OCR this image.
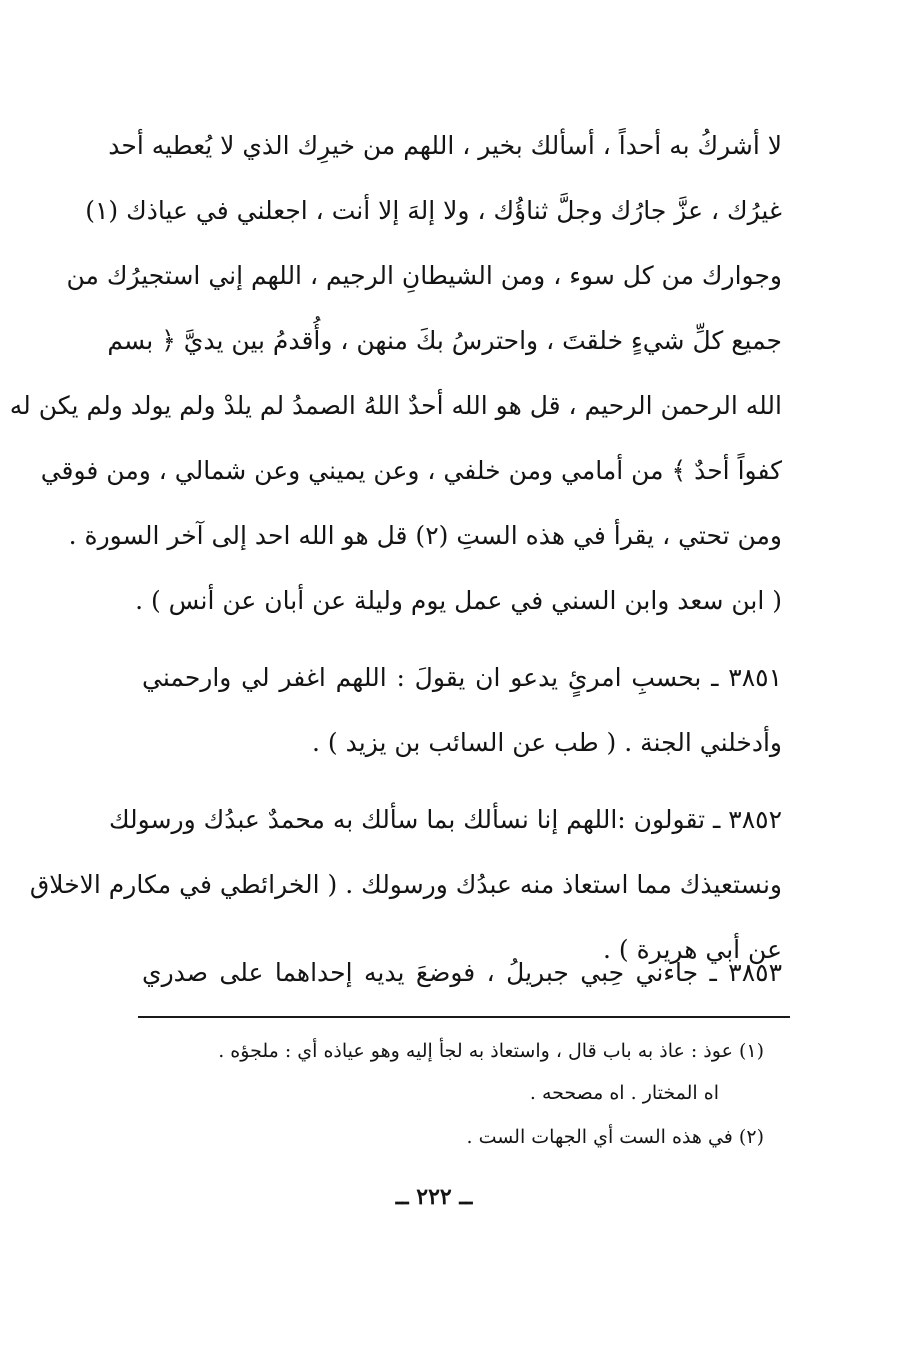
لا أشركُ به أحداً ، أسألك بخير ، اللهم من خيرِك الذي لا يُعطيه أحد
غيرُك ، عزَّ جارُك وجلَّ ثناؤُك ، ولا إلهَ إلا أنت ، اجعلني في عياذك (١)
وجوارك من كل سوء ، ومن الشيطانِ الرجيم ، اللهم إني استجيرُك من
جميع كلِّ شيءٍ خلقتَ ، واحترسُ بكَ منهن ، وأُقدمُ بين يديَّ ﴿ بسم
الله الرحمن الرحيم ، قل هو الله أحدٌ اللهُ الصمدُ لم يلدْ ولم يولد ولم يكن له
كفواً أحدٌ ﴾ من أمامي ومن خلفي ، وعن يميني وعن شمالي ، ومن فوقي
ومن تحتي ، يقرأ في هذه الستِ (٢) قل هو الله احد إلى آخر السورة .
( ابن سعد وابن السني في عمل يوم وليلة عن أبان عن أنس ) .
٣٨٥١ ـ بحسبِ امرئٍ يدعو ان يقولَ : اللهم اغفر لي وارحمني
وأدخلني الجنة . ( طب عن السائب بن يزيد ) .
٣٨٥٢ ـ تقولون :اللهم إنا نسألك بما سألك به محمدٌ عبدُك ورسولك
ونستعيذك مما استعاذ منه عبدُك ورسولك . ( الخرائطي في مكارم الاخلاق
عن أبي هريرة ) .
٣٨٥٣ ـ جاءني حِبي جبريلُ ، فوضعَ يديه إحداهما على صدري
(١) عوذ : عاذ به باب قال ، واستعاذ به لجأ إليه وهو عياذه أي : ملجؤه .
اه المختار . اه مصححه .
(٢) في هذه الست أي الجهات الست .
ــ ٢٢٢ ــ
